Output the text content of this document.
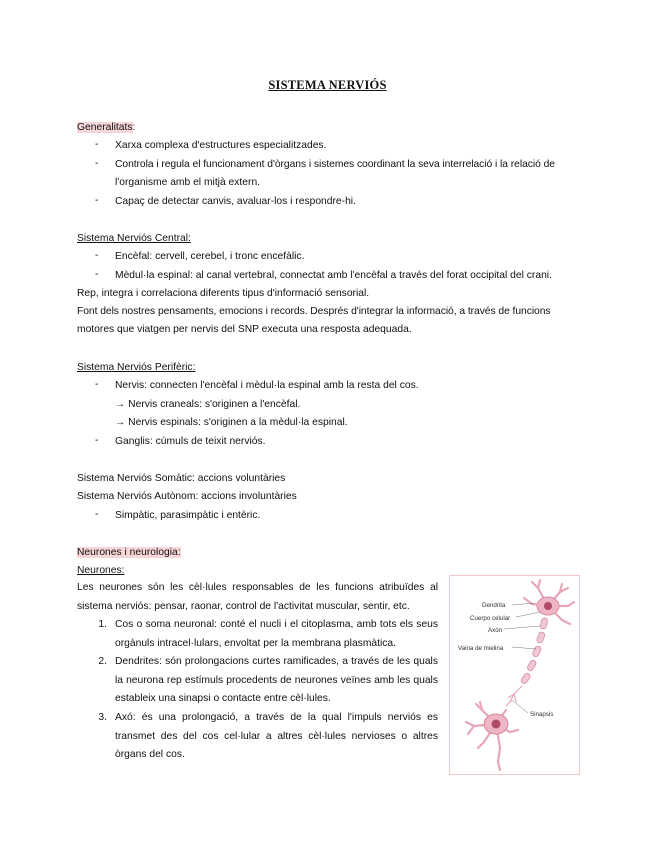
SISTEMA NERVIÓS
Generalitats:
-	Xarxa complexa d'estructures especialitzades.
-	Controla i regula el funcionament d'òrgans i sistemes coordinant la seva interrelació i la relació de
l'organisme amb el mitjà extern.
-	Capaç de detectar canvis, avaluar-los i respondre-hi.
Sistema Nerviós Central:
-	Encèfal: cervell, cerebel, i tronc encefàlic.
-	Mèdul·la espinal: al canal vertebral, connectat amb l'encèfal a través del forat occipital del crani.
Rep, integra i correlaciona diferents tipus d'informació sensorial.
Font dels nostres pensaments, emocions i records. Després d'integrar la informació, a través de funcions
motores que viatgen per nervis del SNP executa una resposta adequada.
Sistema Nerviós Perifèric:
-	Nervis: connecten l'encèfal i mèdul·la espinal amb la resta del cos.
→ Nervis craneals: s'originen a l'encèfal.
→ Nervis espinals: s'originen a la mèdul·la espinal.
-	Ganglis: cúmuls de teixit nerviós.
Sistema Nerviós Somàtic: accions voluntàries
Sistema Nerviós Autònom: accions involuntàries
-	Simpàtic, parasimpàtic i entèric.
Neurones i neurologia:
Neurones:
Les neurones són les cèl·lules responsables de les funcions atribuïdes al sistema nerviós: pensar, raonar, control de l'activitat muscular, sentir, etc.
1. Cos o soma neuronal: conté el nucli i el citoplasma, amb tots els seus orgànuls intracel·lulars, envoltat per la membrana plasmàtica.
2. Dendrites: són prolongacions curtes ramificades, a través de les quals la neurona rep estímuls procedents de neurones veïnes amb les quals estableix una sinapsi o contacte entre cèl·lules.
3. Axó: és una prolongació, a través de la qual l'impuls nerviós es transmet des del cos cel·lular a altres cèl·lules nervioses o altres òrgans del cos.
Dendrita
Cuerpo celular
Axón
Vaina de mielina
Sinapsis
